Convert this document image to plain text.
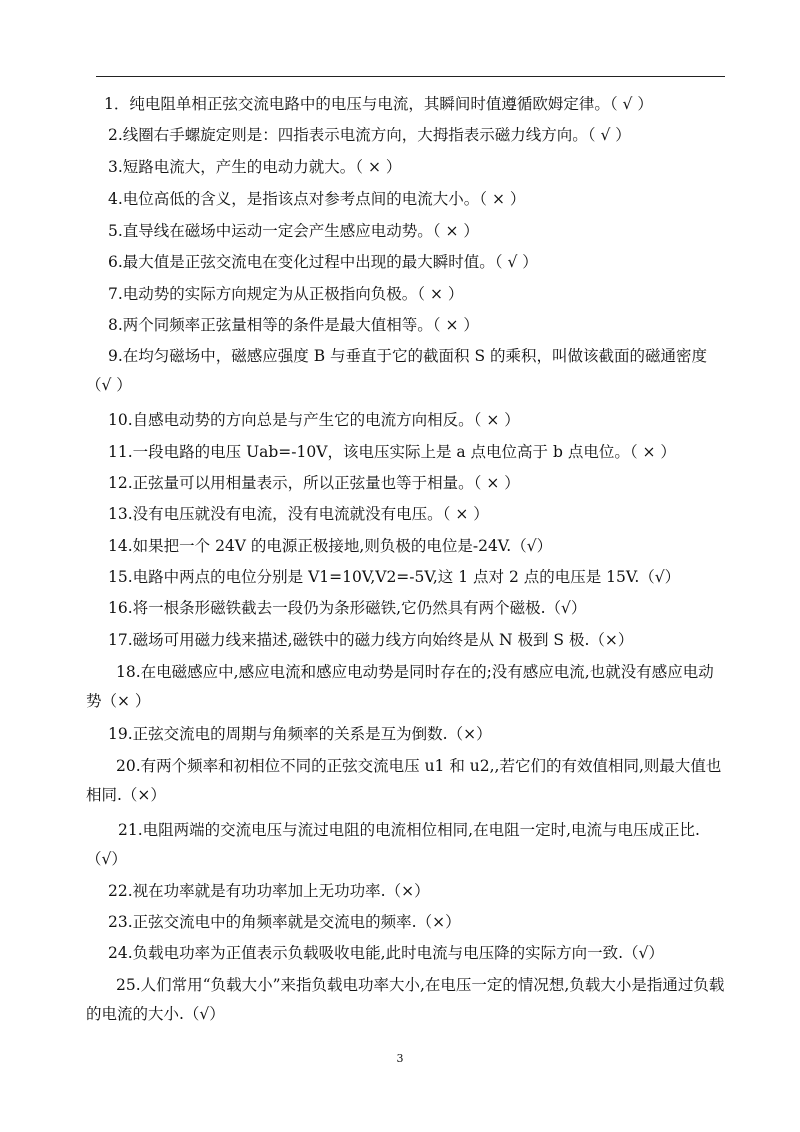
1．纯电阻单相正弦交流电路中的电压与电流，其瞬间时值遵循欧姆定律。（ √ ）
2.线圈右手螺旋定则是：四指表示电流方向，大拇指表示磁力线方向。（ √ ）
3.短路电流大，产生的电动力就大。（ × ）
4.电位高低的含义，是指该点对参考点间的电流大小。（ × ）
5.直导线在磁场中运动一定会产生感应电动势。（ × ）
6.最大值是正弦交流电在变化过程中出现的最大瞬时值。（ √ ）
7.电动势的实际方向规定为从正极指向负极。（ × ）
8.两个同频率正弦量相等的条件是最大值相等。（ × ）
9.在均匀磁场中，磁感应强度 B 与垂直于它的截面积 S 的乘积，叫做该截面的磁通密度（√ ）
10.自感电动势的方向总是与产生它的电流方向相反。（ × ）
11.一段电路的电压 Uab=-10V，该电压实际上是 a 点电位高于 b 点电位。（ × ）
12.正弦量可以用相量表示，所以正弦量也等于相量。（ × ）
13.没有电压就没有电流，没有电流就没有电压。（ × ）
14.如果把一个 24V 的电源正极接地,则负极的电位是-24V.（√）
15.电路中两点的电位分别是 V1=10V,V2=-5V,这 1 点对 2 点的电压是 15V.（√）
16.将一根条形磁铁截去一段仍为条形磁铁,它仍然具有两个磁极.（√）
17.磁场可用磁力线来描述,磁铁中的磁力线方向始终是从 N 极到 S 极.（×）
18.在电磁感应中,感应电流和感应电动势是同时存在的;没有感应电流,也就没有感应电动势（× ）
19.正弦交流电的周期与角频率的关系是互为倒数.（×）
20.有两个频率和初相位不同的正弦交流电压 u1 和 u2,,若它们的有效值相同,则最大值也相同.（×）
21.电阻两端的交流电压与流过电阻的电流相位相同,在电阻一定时,电流与电压成正比.（√）
22.视在功率就是有功功率加上无功功率.（×）
23.正弦交流电中的角频率就是交流电的频率.（×）
24.负载电功率为正值表示负载吸收电能,此时电流与电压降的实际方向一致.（√）
25.人们常用“负载大小”来指负载电功率大小,在电压一定的情况想,负载大小是指通过负载的电流的大小.（√）
3
